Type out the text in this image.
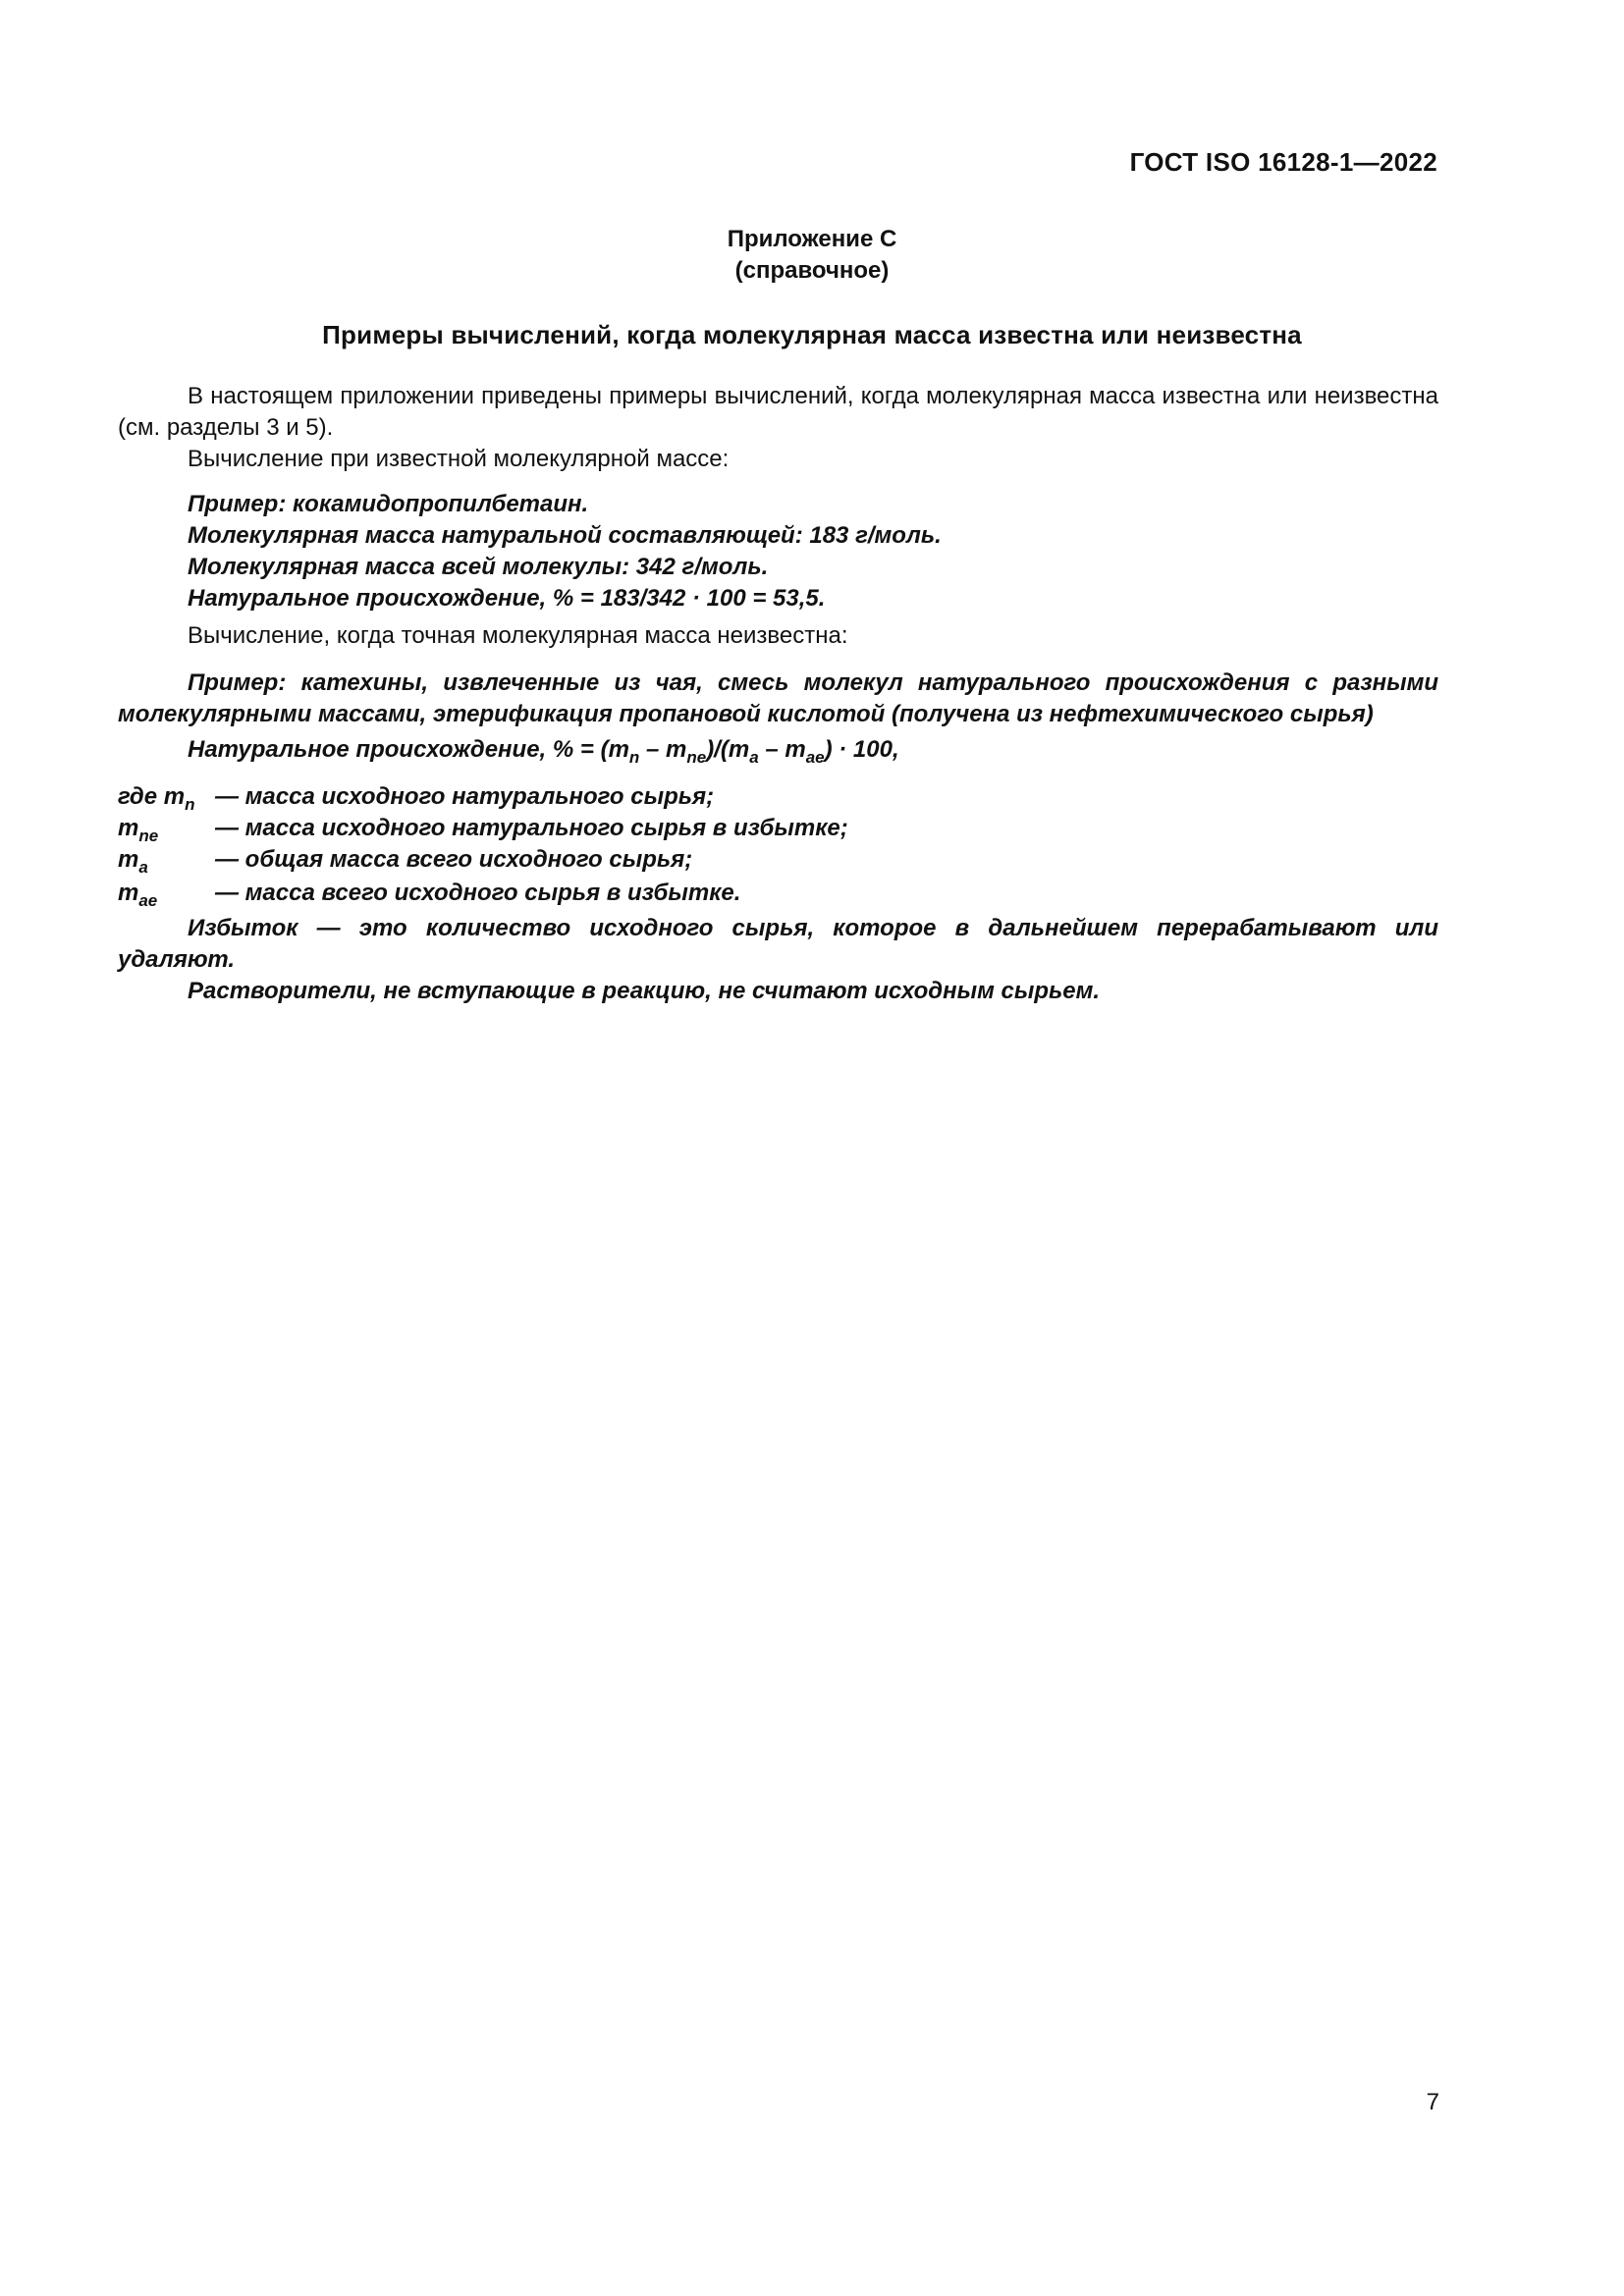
ГОСТ ISO 16128-1—2022
Приложение С
(справочное)
Примеры вычислений, когда молекулярная масса известна или неизвестна

В настоящем приложении приведены примеры вычислений, когда молекулярная масса известна или неизвестна (см. разделы 3 и 5).

Вычисление при известной молекулярной массе:

Пример: кокамидопропилбетаин.

Молекулярная масса натуральной составляющей: 183 г/моль.

Молекулярная масса всей молекулы: 342 г/моль.

Натуральное происхождение, % = 183/342 · 100 = 53,5.

Вычисление, когда точная молекулярная масса неизвестна:

Пример: катехины, извлеченные из чая, смесь молекул натурального происхождения с разными молекулярными массами, этерификация пропановой кислотой (получена из нефтехимического сырья)

Натуральное происхождение, % = $(m_n - m_{ne})/(m_a - m_{ae}) \cdot 100$,

где $m_n$ — масса исходного натурального сырья;
$m_{ne}$ — масса исходного натурального сырья в избытке;
$m_a$	— общая масса всего исходного сырья;
$m_{ae}$ — масса всего исходного сырья в избытке.

Избыток — это количество исходного сырья, которое в дальнейшем перерабатывают или удаляют.

Растворители, не вступающие в реакцию, не считают исходным сырьем.

7
